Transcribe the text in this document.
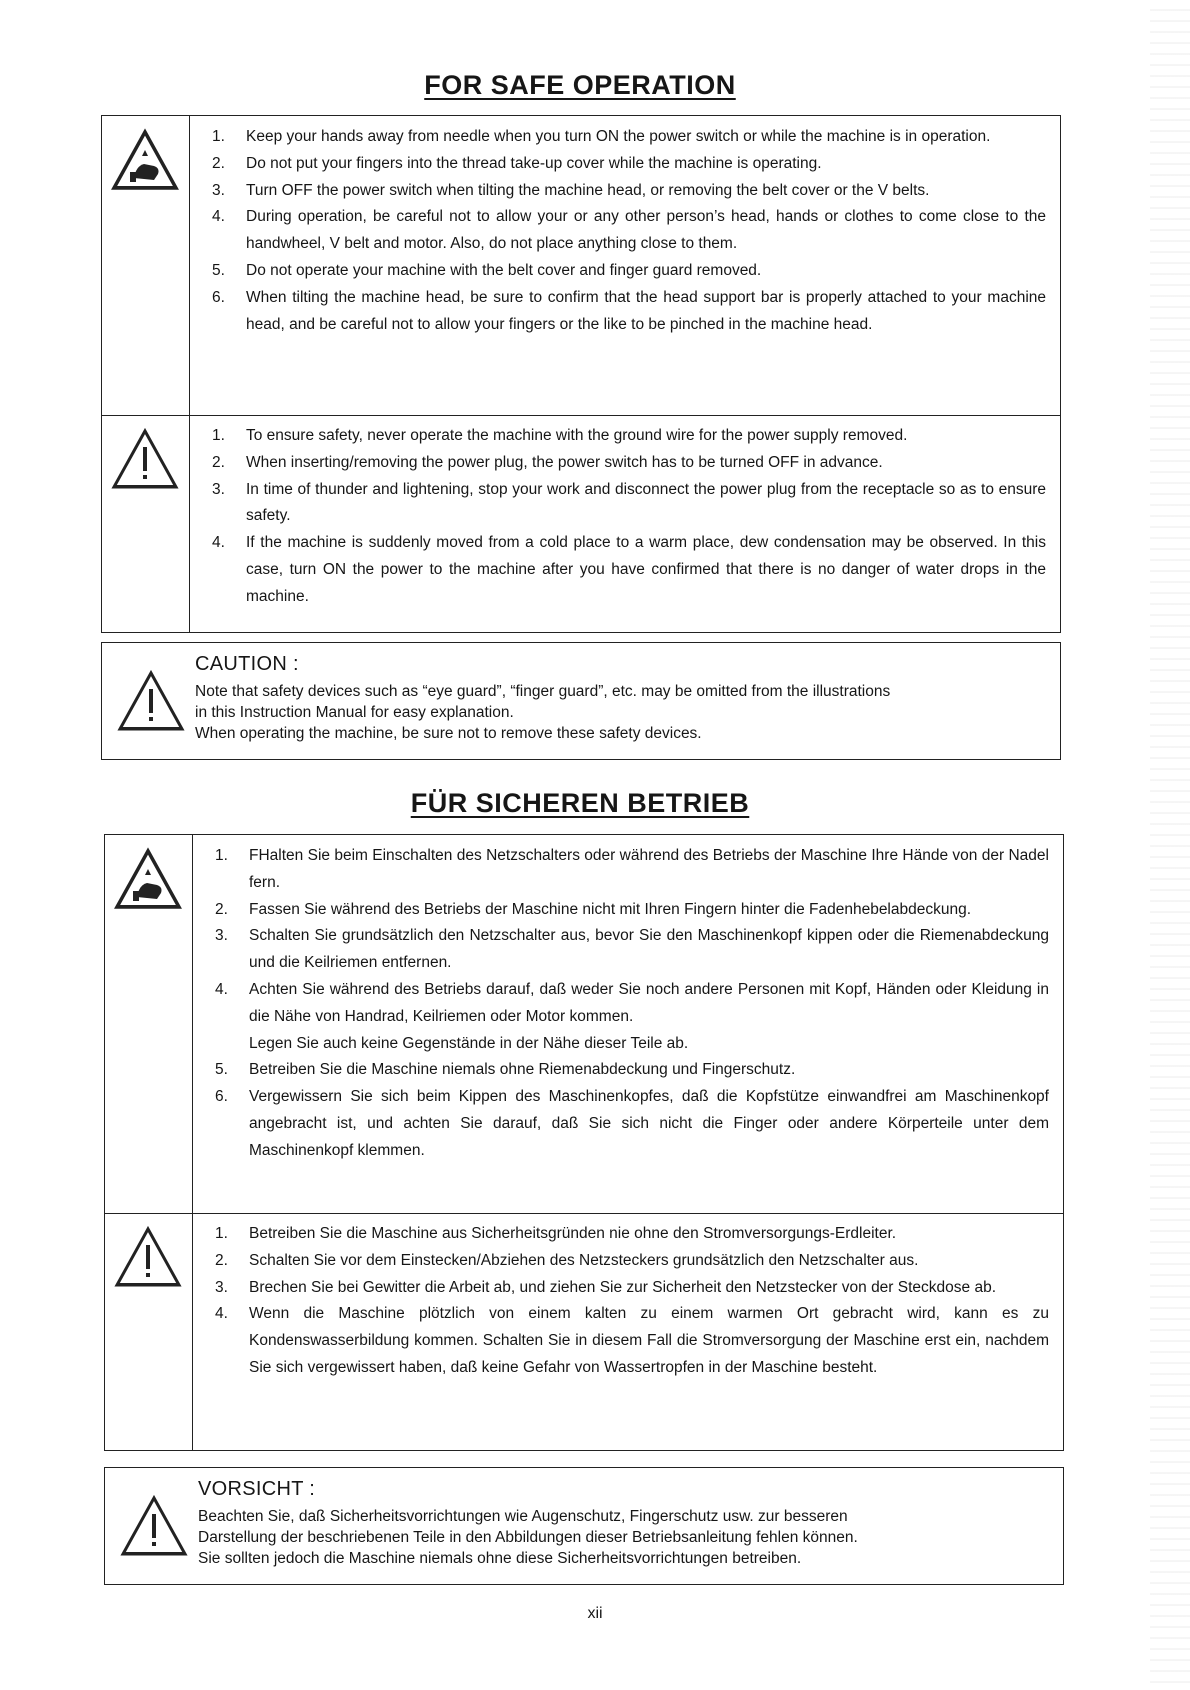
FOR SAFE OPERATION
1. Keep your hands away from needle when you turn ON the power switch or while the machine is in operation.
2. Do not put your fingers into the thread take-up cover while the machine is operating.
3. Turn OFF the power switch when tilting the machine head, or removing the belt cover or the V belts.
4. During operation, be careful not to allow your or any other person’s head, hands or clothes to come close to the handwheel, V belt and motor. Also, do not place anything close to them.
5. Do not operate your machine with the belt cover and finger guard removed.
6. When tilting the machine head, be sure to confirm that the head support bar is properly attached to your machine head, and be careful not to allow your fingers or the like to be pinched in the machine head.
1. To ensure safety, never operate the machine with the ground wire for the power supply removed.
2. When inserting/removing the power plug, the power switch has to be turned OFF in advance.
3. In time of thunder and lightening, stop your work and disconnect the power plug from the receptacle so as to ensure safety.
4. If the machine is suddenly moved from a cold place to a warm place, dew condensation may be observed. In this case, turn ON the power to the machine after you have confirmed that there is no danger of water drops in the machine.
CAUTION :
Note that safety devices such as “eye guard”, “finger guard”, etc. may be omitted from the illustrations
in this Instruction Manual for easy explanation.
When operating the machine, be sure not to remove these safety devices.
FÜR SICHEREN BETRIEB
1. FHalten Sie beim Einschalten des Netzschalters oder während des Betriebs der Maschine Ihre Hände von der Nadel fern.
2. Fassen Sie während des Betriebs der Maschine nicht mit Ihren Fingern hinter die Fadenhebelabdeckung.
3. Schalten Sie grundsätzlich den Netzschalter aus, bevor Sie den Maschinenkopf kippen oder die Riemenabdeckung und die Keilriemen entfernen.
4. Achten Sie während des Betriebs darauf, daß weder Sie noch andere Personen mit Kopf, Händen oder Kleidung in die Nähe von Handrad, Keilriemen oder Motor kommen.
Legen Sie auch keine Gegenstände in der Nähe dieser Teile ab.
5. Betreiben Sie die Maschine niemals ohne Riemenabdeckung und Fingerschutz.
6. Vergewissern Sie sich beim Kippen des Maschinenkopfes, daß die Kopfstütze einwandfrei am Maschinenkopf angebracht ist, und achten Sie darauf, daß Sie sich nicht die Finger oder andere Körperteile unter dem Maschinenkopf klemmen.
1. Betreiben Sie die Maschine aus Sicherheitsgründen nie ohne den Stromversorgungs-Erdleiter.
2. Schalten Sie vor dem Einstecken/Abziehen des Netzsteckers grundsätzlich den Netzschalter aus.
3. Brechen Sie bei Gewitter die Arbeit ab, und ziehen Sie zur Sicherheit den Netzstecker von der Steckdose ab.
4. Wenn die Maschine plötzlich von einem kalten zu einem warmen Ort gebracht wird, kann es zu Kondenswasserbildung kommen. Schalten Sie in diesem Fall die Stromversorgung der Maschine erst ein, nachdem Sie sich vergewissert haben, daß keine Gefahr von Wassertropfen in der Maschine besteht.
VORSICHT :
Beachten Sie, daß Sicherheitsvorrichtungen wie Augenschutz, Fingerschutz usw. zur besseren
Darstellung der beschriebenen Teile in den Abbildungen dieser Betriebsanleitung fehlen können.
Sie sollten jedoch die Maschine niemals ohne diese Sicherheitsvorrichtungen betreiben.
xii
